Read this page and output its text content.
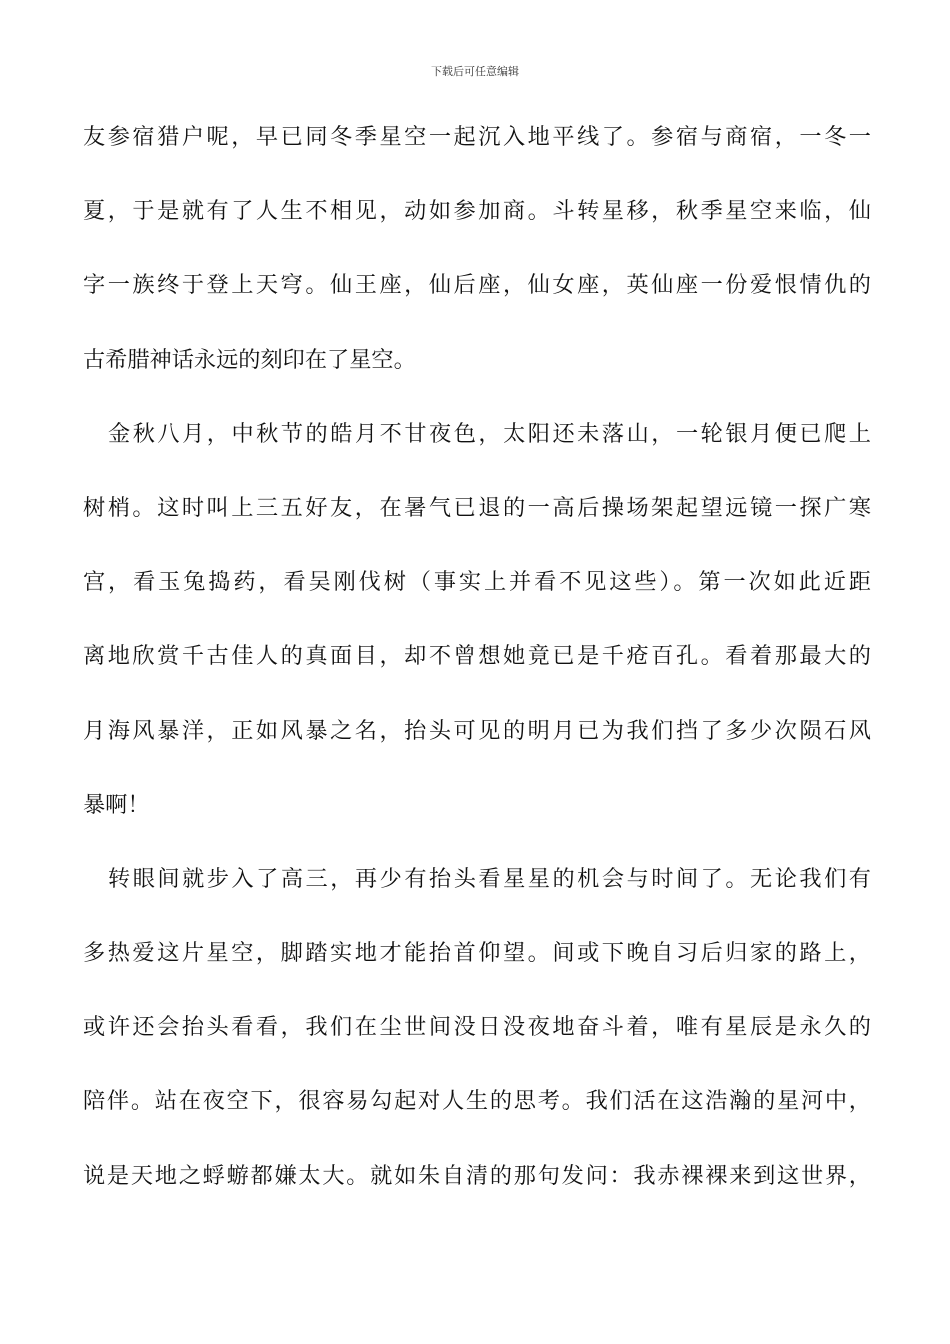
下载后可任意编辑
友参宿猎户呢，早已同冬季星空一起沉入地平线了。参宿与商宿，一冬一
夏，于是就有了人生不相见，动如参加商。斗转星移，秋季星空来临，仙
字一族终于登上天穹。仙王座，仙后座，仙女座，英仙座一份爱恨情仇的
古希腊神话永远的刻印在了星空。
金秋八月，中秋节的皓月不甘夜色，太阳还未落山，一轮银月便已爬上
树梢。这时叫上三五好友，在暑气已退的一高后操场架起望远镜一探广寒
宫，看玉兔捣药，看吴刚伐树（事实上并看不见这些）。第一次如此近距
离地欣赏千古佳人的真面目，却不曾想她竟已是千疮百孔。看着那最大的
月海风暴洋，正如风暴之名，抬头可见的明月已为我们挡了多少次陨石风
暴啊！
转眼间就步入了高三，再少有抬头看星星的机会与时间了。无论我们有
多热爱这片星空，脚踏实地才能抬首仰望。间或下晚自习后归家的路上，
或许还会抬头看看，我们在尘世间没日没夜地奋斗着，唯有星辰是永久的
陪伴。站在夜空下，很容易勾起对人生的思考。我们活在这浩瀚的星河中，
说是天地之蜉蝣都嫌太大。就如朱自清的那句发问：我赤裸裸来到这世界，
